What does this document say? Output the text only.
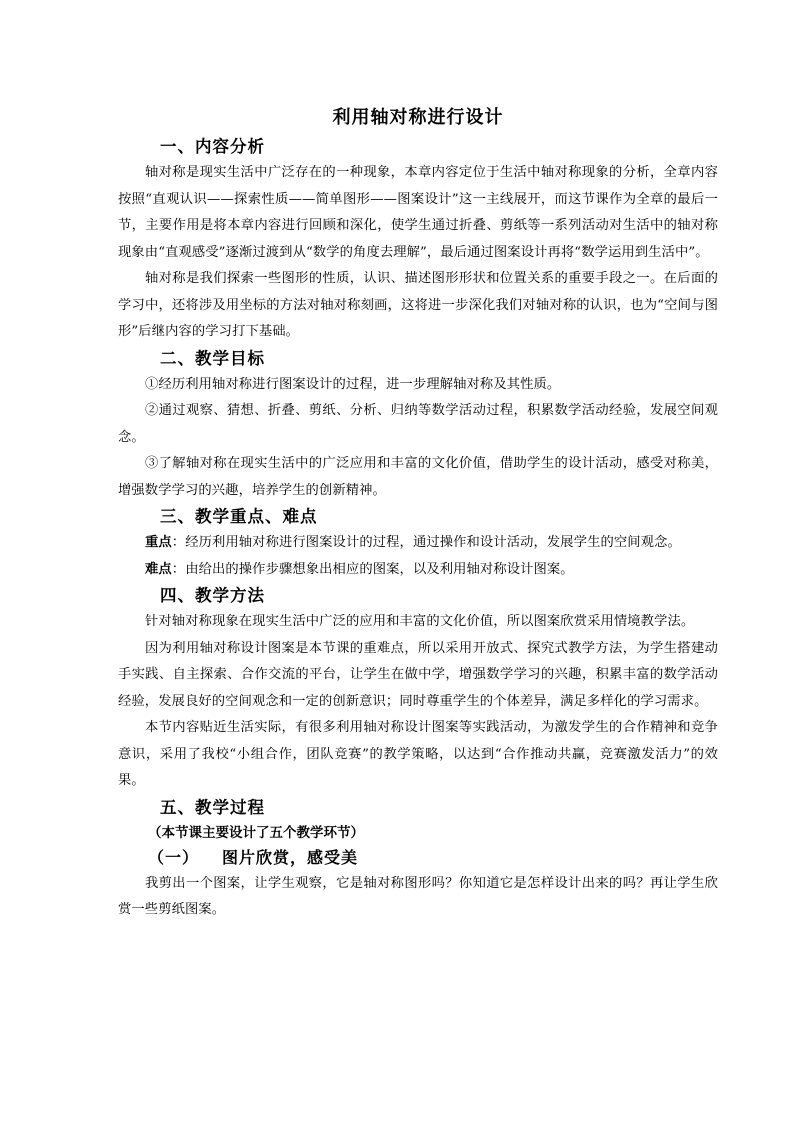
利用轴对称进行设计
一、内容分析

轴对称是现实生活中广泛存在的一种现象，本章内容定位于生活中轴对称现象的分析，全章内容按照“直观认识——探索性质——简单图形——图案设计”这一主线展开，而这节课作为全章的最后一节，主要作用是将本章内容进行回顾和深化，使学生通过折叠、剪纸等一系列活动对生活中的轴对称现象由“直观感受”逐渐过渡到从“数学的角度去理解”，最后通过图案设计再将“数学运用到生活中”。

轴对称是我们探索一些图形的性质，认识、描述图形形状和位置关系的重要手段之一。在后面的学习中，还将涉及用坐标的方法对轴对称刻画，这将进一步深化我们对轴对称的认识，也为“空间与图形”后继内容的学习打下基础。

二、教学目标

①经历利用轴对称进行图案设计的过程，进一步理解轴对称及其性质。

②通过观察、猜想、折叠、剪纸、分析、归纳等数学活动过程，积累数学活动经验，发展空间观念。

③了解轴对称在现实生活中的广泛应用和丰富的文化价值，借助学生的设计活动，感受对称美，增强数学学习的兴趣，培养学生的创新精神。

三、教学重点、难点

重点：经历利用轴对称进行图案设计的过程，通过操作和设计活动，发展学生的空间观念。

难点：由给出的操作步骤想象出相应的图案，以及利用轴对称设计图案。

四、教学方法

针对轴对称现象在现实生活中广泛的应用和丰富的文化价值，所以图案欣赏采用情境教学法。

因为利用轴对称设计图案是本节课的重难点，所以采用开放式、探究式教学方法，为学生搭建动手实践、自主探索、合作交流的平台，让学生在做中学，增强数学学习的兴趣，积累丰富的数学活动经验，发展良好的空间观念和一定的创新意识；同时尊重学生的个体差异，满足多样化的学习需求。

本节内容贴近生活实际，有很多利用轴对称设计图案等实践活动，为激发学生的合作精神和竞争意识，采用了我校“小组合作，团队竞赛”的教学策略，以达到“合作推动共赢，竞赛激发活力”的效果。

五、教学过程
（本节课主要设计了五个教学环节）
（一） 图片欣赏，感受美

我剪出一个图案，让学生观察，它是轴对称图形吗？你知道它是怎样设计出来的吗？再让学生欣赏一些剪纸图案。
